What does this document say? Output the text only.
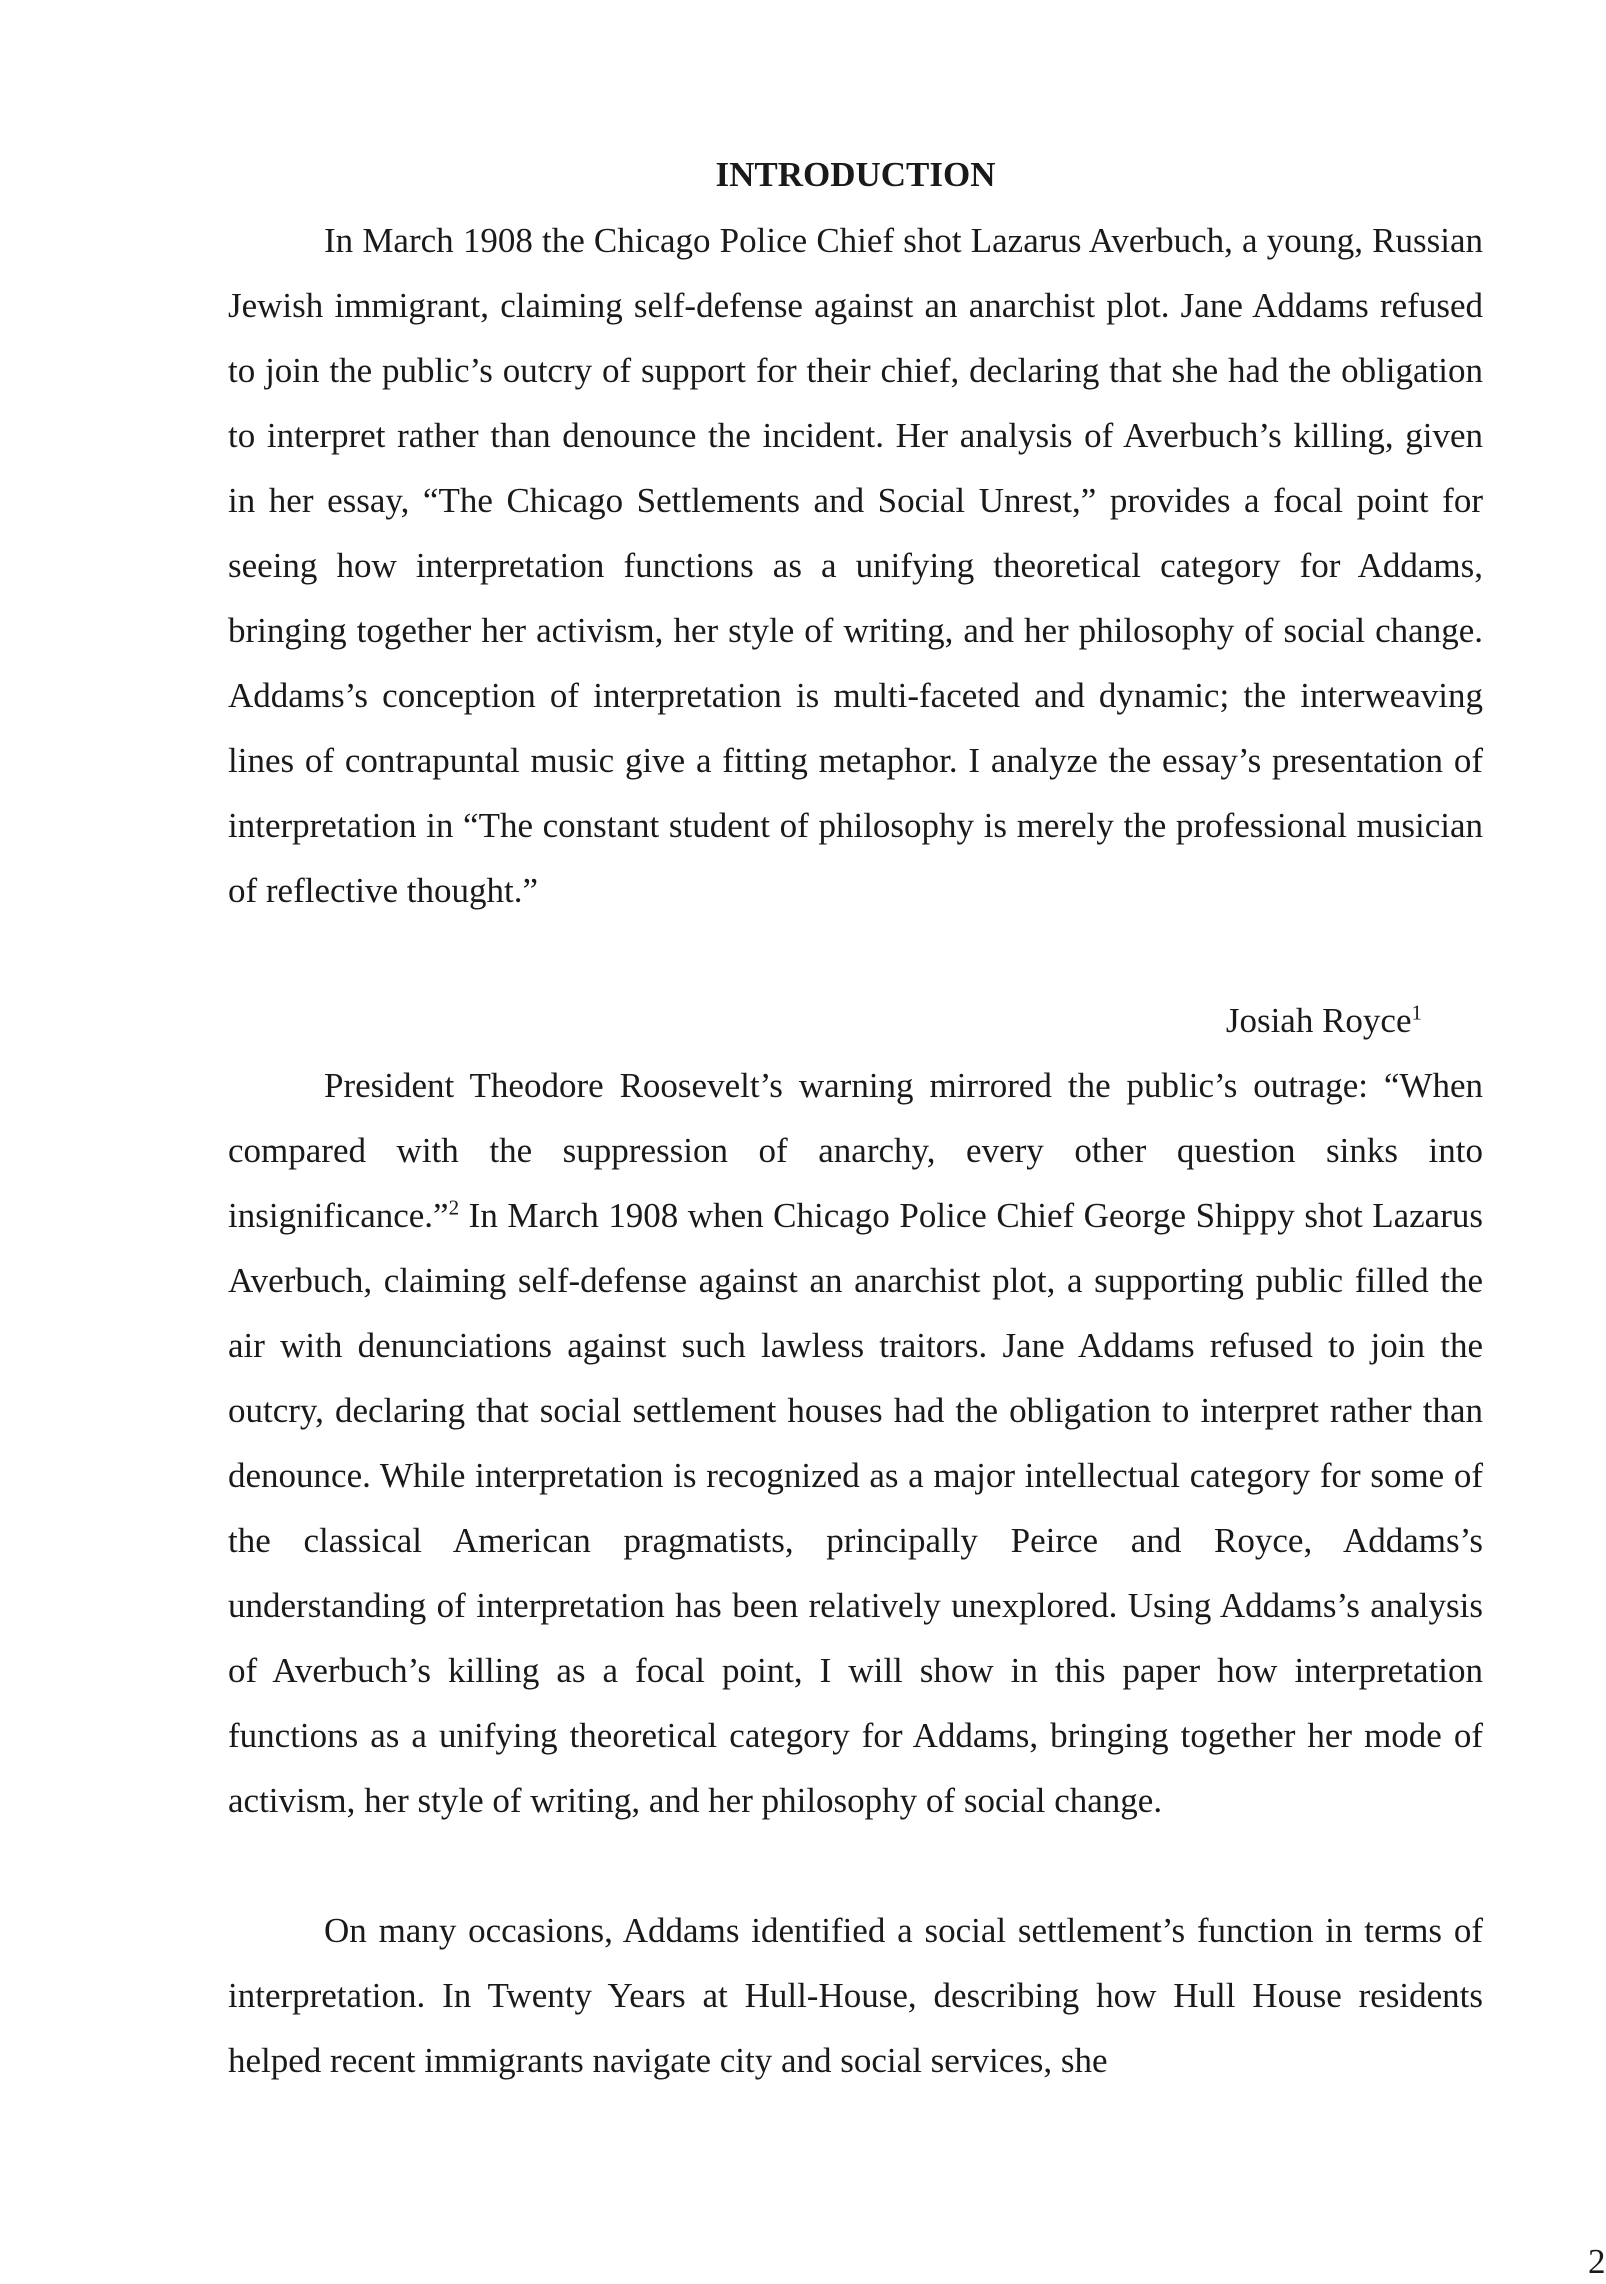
INTRODUCTION

In March 1908 the Chicago Police Chief shot Lazarus Averbuch, a young, Russian Jewish immigrant, claiming self-defense against an anarchist plot. Jane Addams refused to join the public’s outcry of support for their chief, declaring that she had the obligation to interpret rather than denounce the incident. Her analysis of Averbuch’s killing, given in her essay, “The Chicago Settlements and Social Unrest,” provides a focal point for seeing how interpretation functions as a unifying theoretical category for Addams, bringing together her activism, her style of writing, and her philosophy of social change. Addams’s conception of interpretation is multi-faceted and dynamic; the interweaving lines of contrapuntal music give a fitting metaphor. I analyze the essay’s presentation of interpretation in “The constant student of philosophy is merely the professional musician of reflective thought.”

Josiah Royce$^1$

President Theodore Roosevelt’s warning mirrored the public’s outrage: “When compared with the suppression of anarchy, every other question sinks into insignificance.”$^2$ In March 1908 when Chicago Police Chief George Shippy shot Lazarus Averbuch, claiming self-defense against an anarchist plot, a supporting public filled the air with denunciations against such lawless traitors. Jane Addams refused to join the outcry, declaring that social settlement houses had the obligation to interpret rather than denounce. While interpretation is recognized as a major intellectual category for some of the classical American pragmatists, principally Peirce and Royce, Addams’s understanding of interpretation has been relatively unexplored. Using Addams’s analysis of Averbuch’s killing as a focal point, I will show in this paper how interpretation functions as a unifying theoretical category for Addams, bringing together her mode of activism, her style of writing, and her philosophy of social change.

On many occasions, Addams identified a social settlement’s function in terms of interpretation. In Twenty Years at Hull-House, describing how Hull House residents helped recent immigrants navigate city and social services, she

2
